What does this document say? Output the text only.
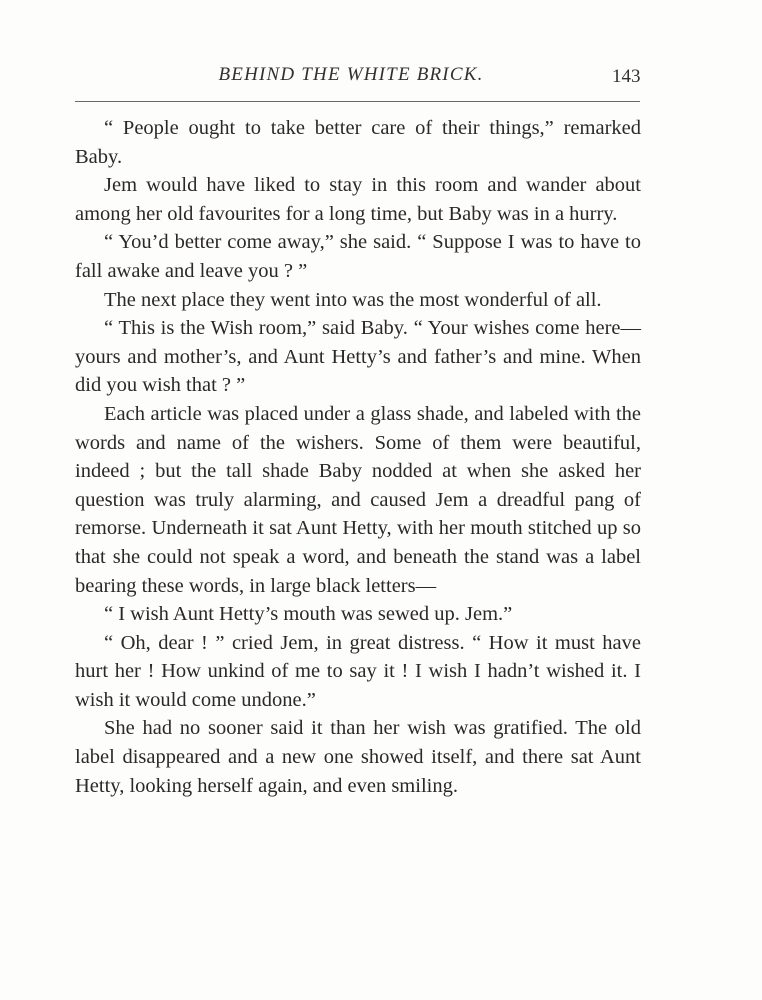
BEHIND THE WHITE BRICK.	143

“ People ought to take better care of their things,” remarked Baby.

Jem would have liked to stay in this room and wander about among her old favourites for a long time, but Baby was in a hurry.

“ You’d better come away,” she said. “ Suppose I was to have to fall awake and leave you ? ”

The next place they went into was the most wonderful of all.

“ This is the Wish room,” said Baby. “ Your wishes come here—yours and mother’s, and Aunt Hetty’s and father’s and mine. When did you wish that ? ”

Each article was placed under a glass shade, and labeled with the words and name of the wishers. Some of them were beautiful, indeed ; but the tall shade Baby nodded at when she asked her question was truly alarming, and caused Jem a dreadful pang of remorse. Underneath it sat Aunt Hetty, with her mouth stitched up so that she could not speak a word, and beneath the stand was a label bearing these words, in large black letters—

“ I wish Aunt Hetty’s mouth was sewed up. Jem.”

“ Oh, dear ! ” cried Jem, in great distress. “ How it must have hurt her ! How unkind of me to say it ! I wish I hadn’t wished it. I wish it would come undone.”

She had no sooner said it than her wish was gratified. The old label disappeared and a new one showed itself, and there sat Aunt Hetty, looking herself again, and even smiling.
